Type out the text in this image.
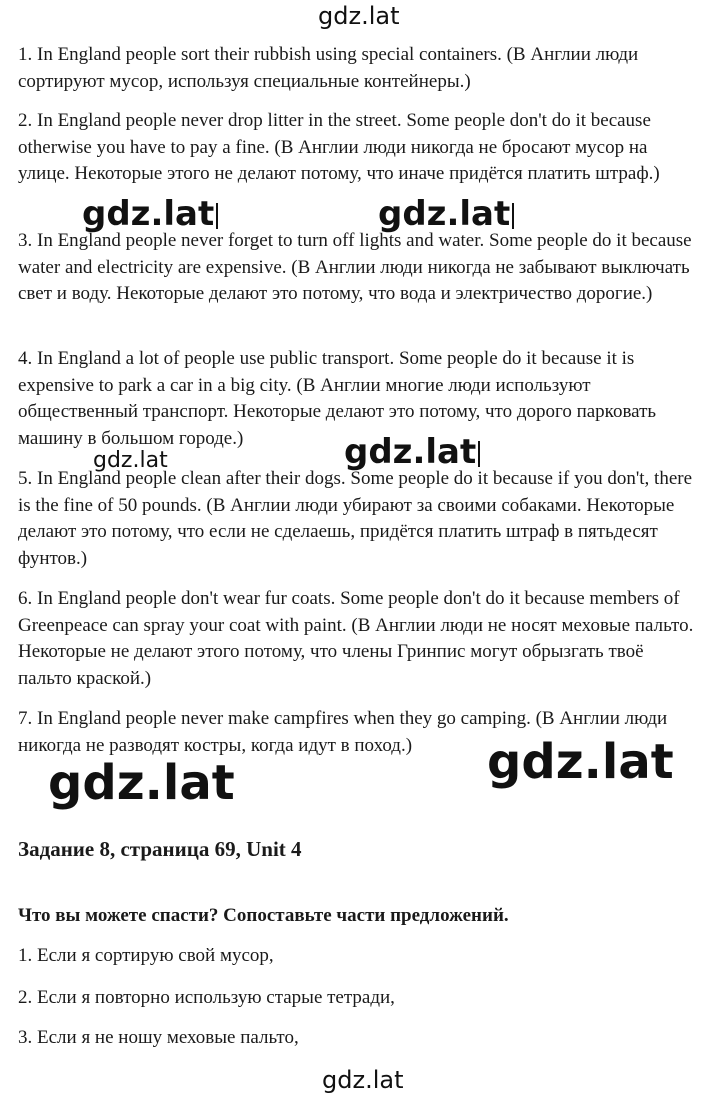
gdz.lat

1. In England people sort their rubbish using special containers. (В Англии люди сортируют мусор, используя специальные контейнеры.)

2. In England people never drop litter in the street. Some people don't do it because otherwise you have to pay a fine. (В Англии люди никогда не бросают мусор на улице. Некоторые этого не делают потому, что иначе придётся платить штраф.)

3. In England people never forget to turn off lights and water. Some people do it because water and electricity are expensive. (В Англии люди никогда не забывают выключать свет и воду. Некоторые делают это потому, что вода и электричество дорогие.)

4. In England a lot of people use public transport. Some people do it because it is expensive to park a car in a big city. (В Англии многие люди используют общественный транспорт. Некоторые делают это потому, что дорого парковать машину в большом городе.)

5. In England people clean after their dogs. Some people do it because if you don't, there is the fine of 50 pounds. (В Англии люди убирают за своими собаками. Некоторые делают это потому, что если не сделаешь, придётся платить штраф в пятьдесят фунтов.)

6. In England people don't wear fur coats. Some people don't do it because members of Greenpeace can spray your coat with paint. (В Англии люди не носят меховые пальто. Некоторые не делают этого потому, что члены Гринпис могут обрызгать твоё пальто краской.)

7. In England people never make campfires when they go camping. (В Англии люди никогда не разводят костры, когда идут в поход.)

Задание 8, страница 69, Unit 4
Что вы можете спасти? Сопоставьте части предложений.
1. Если я сортирую свой мусор,
2. Если я повторно использую старые тетради,
3. Если я не ношу меховые пальто,
gdz.lat	gdz.lat
gdz.lat	gdz.lat
gdz.lat	gdz.lat
gdz.lat
